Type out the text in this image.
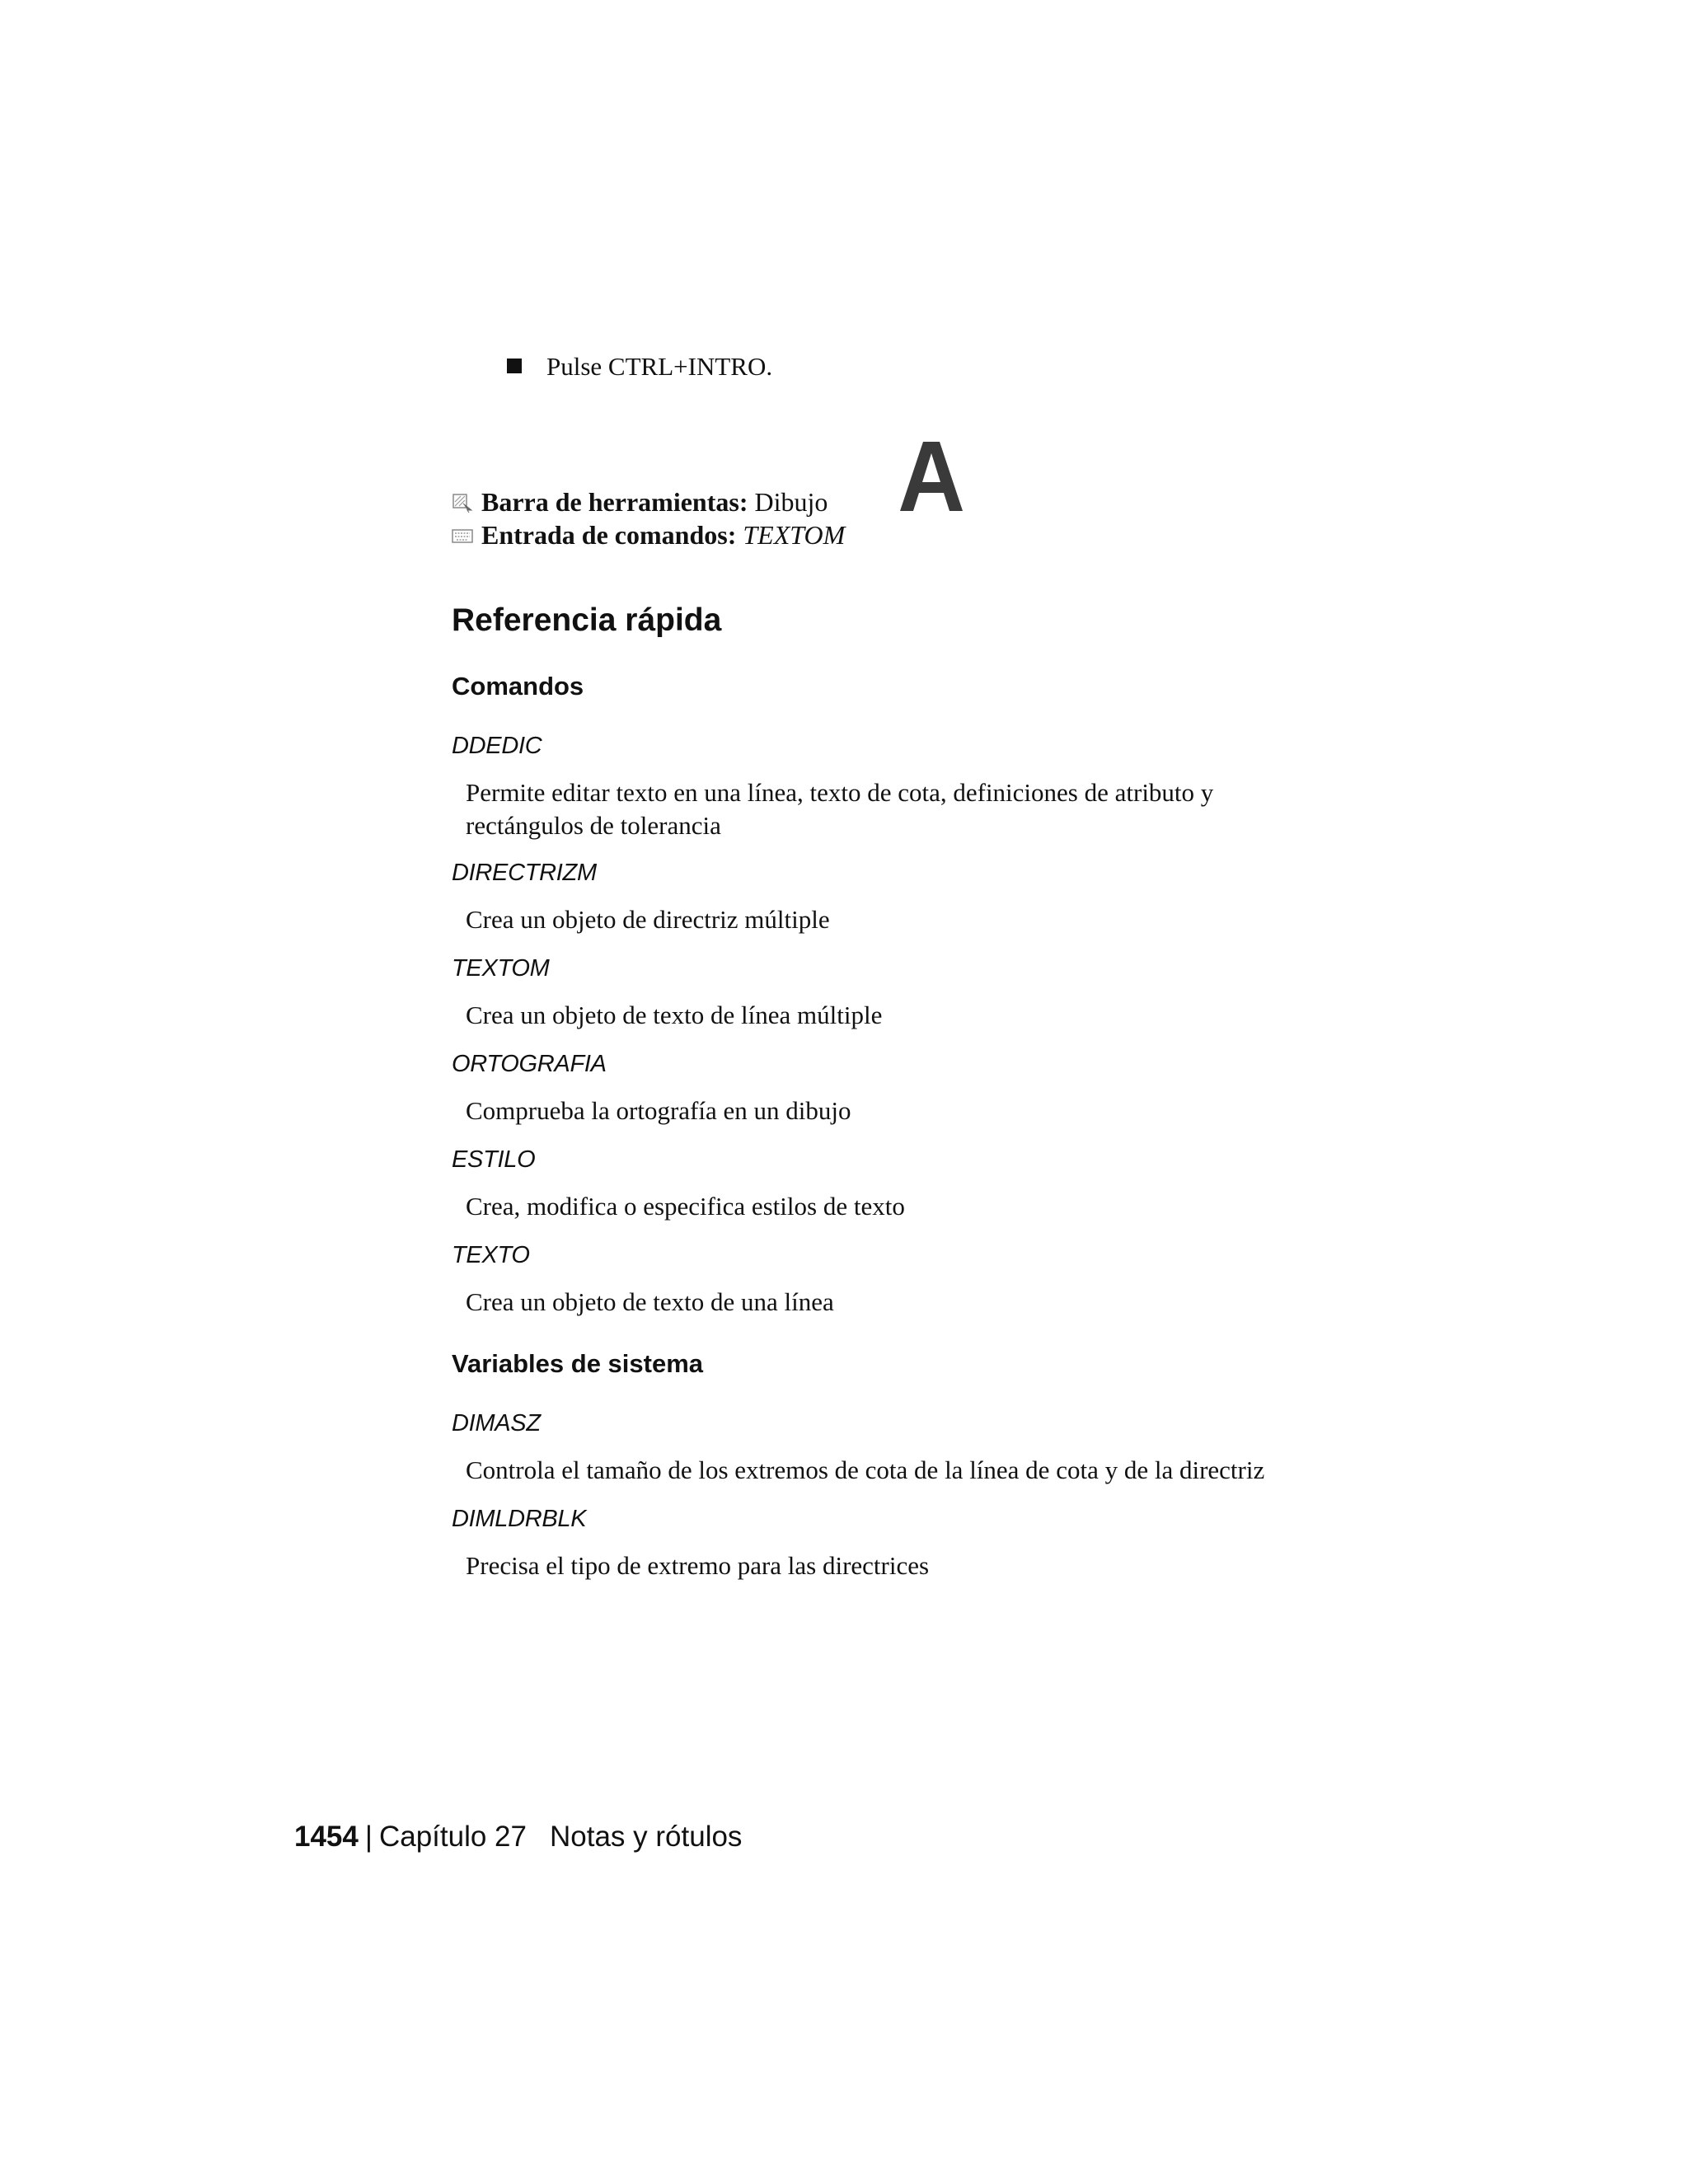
Pulse CTRL+INTRO.
Barra de herramientas: Dibujo
Entrada de comandos: TEXTOM
Referencia rápida
Comandos
DDEDIC
Permite editar texto en una línea, texto de cota, definiciones de atributo y rectángulos de tolerancia
DIRECTRIZM
Crea un objeto de directriz múltiple
TEXTOM
Crea un objeto de texto de línea múltiple
ORTOGRAFIA
Comprueba la ortografía en un dibujo
ESTILO
Crea, modifica o especifica estilos de texto
TEXTO
Crea un objeto de texto de una línea
Variables de sistema
DIMASZ
Controla el tamaño de los extremos de cota de la línea de cota y de la directriz
DIMLDRBLK
Precisa el tipo de extremo para las directrices
1454 | Capítulo 27 Notas y rótulos
